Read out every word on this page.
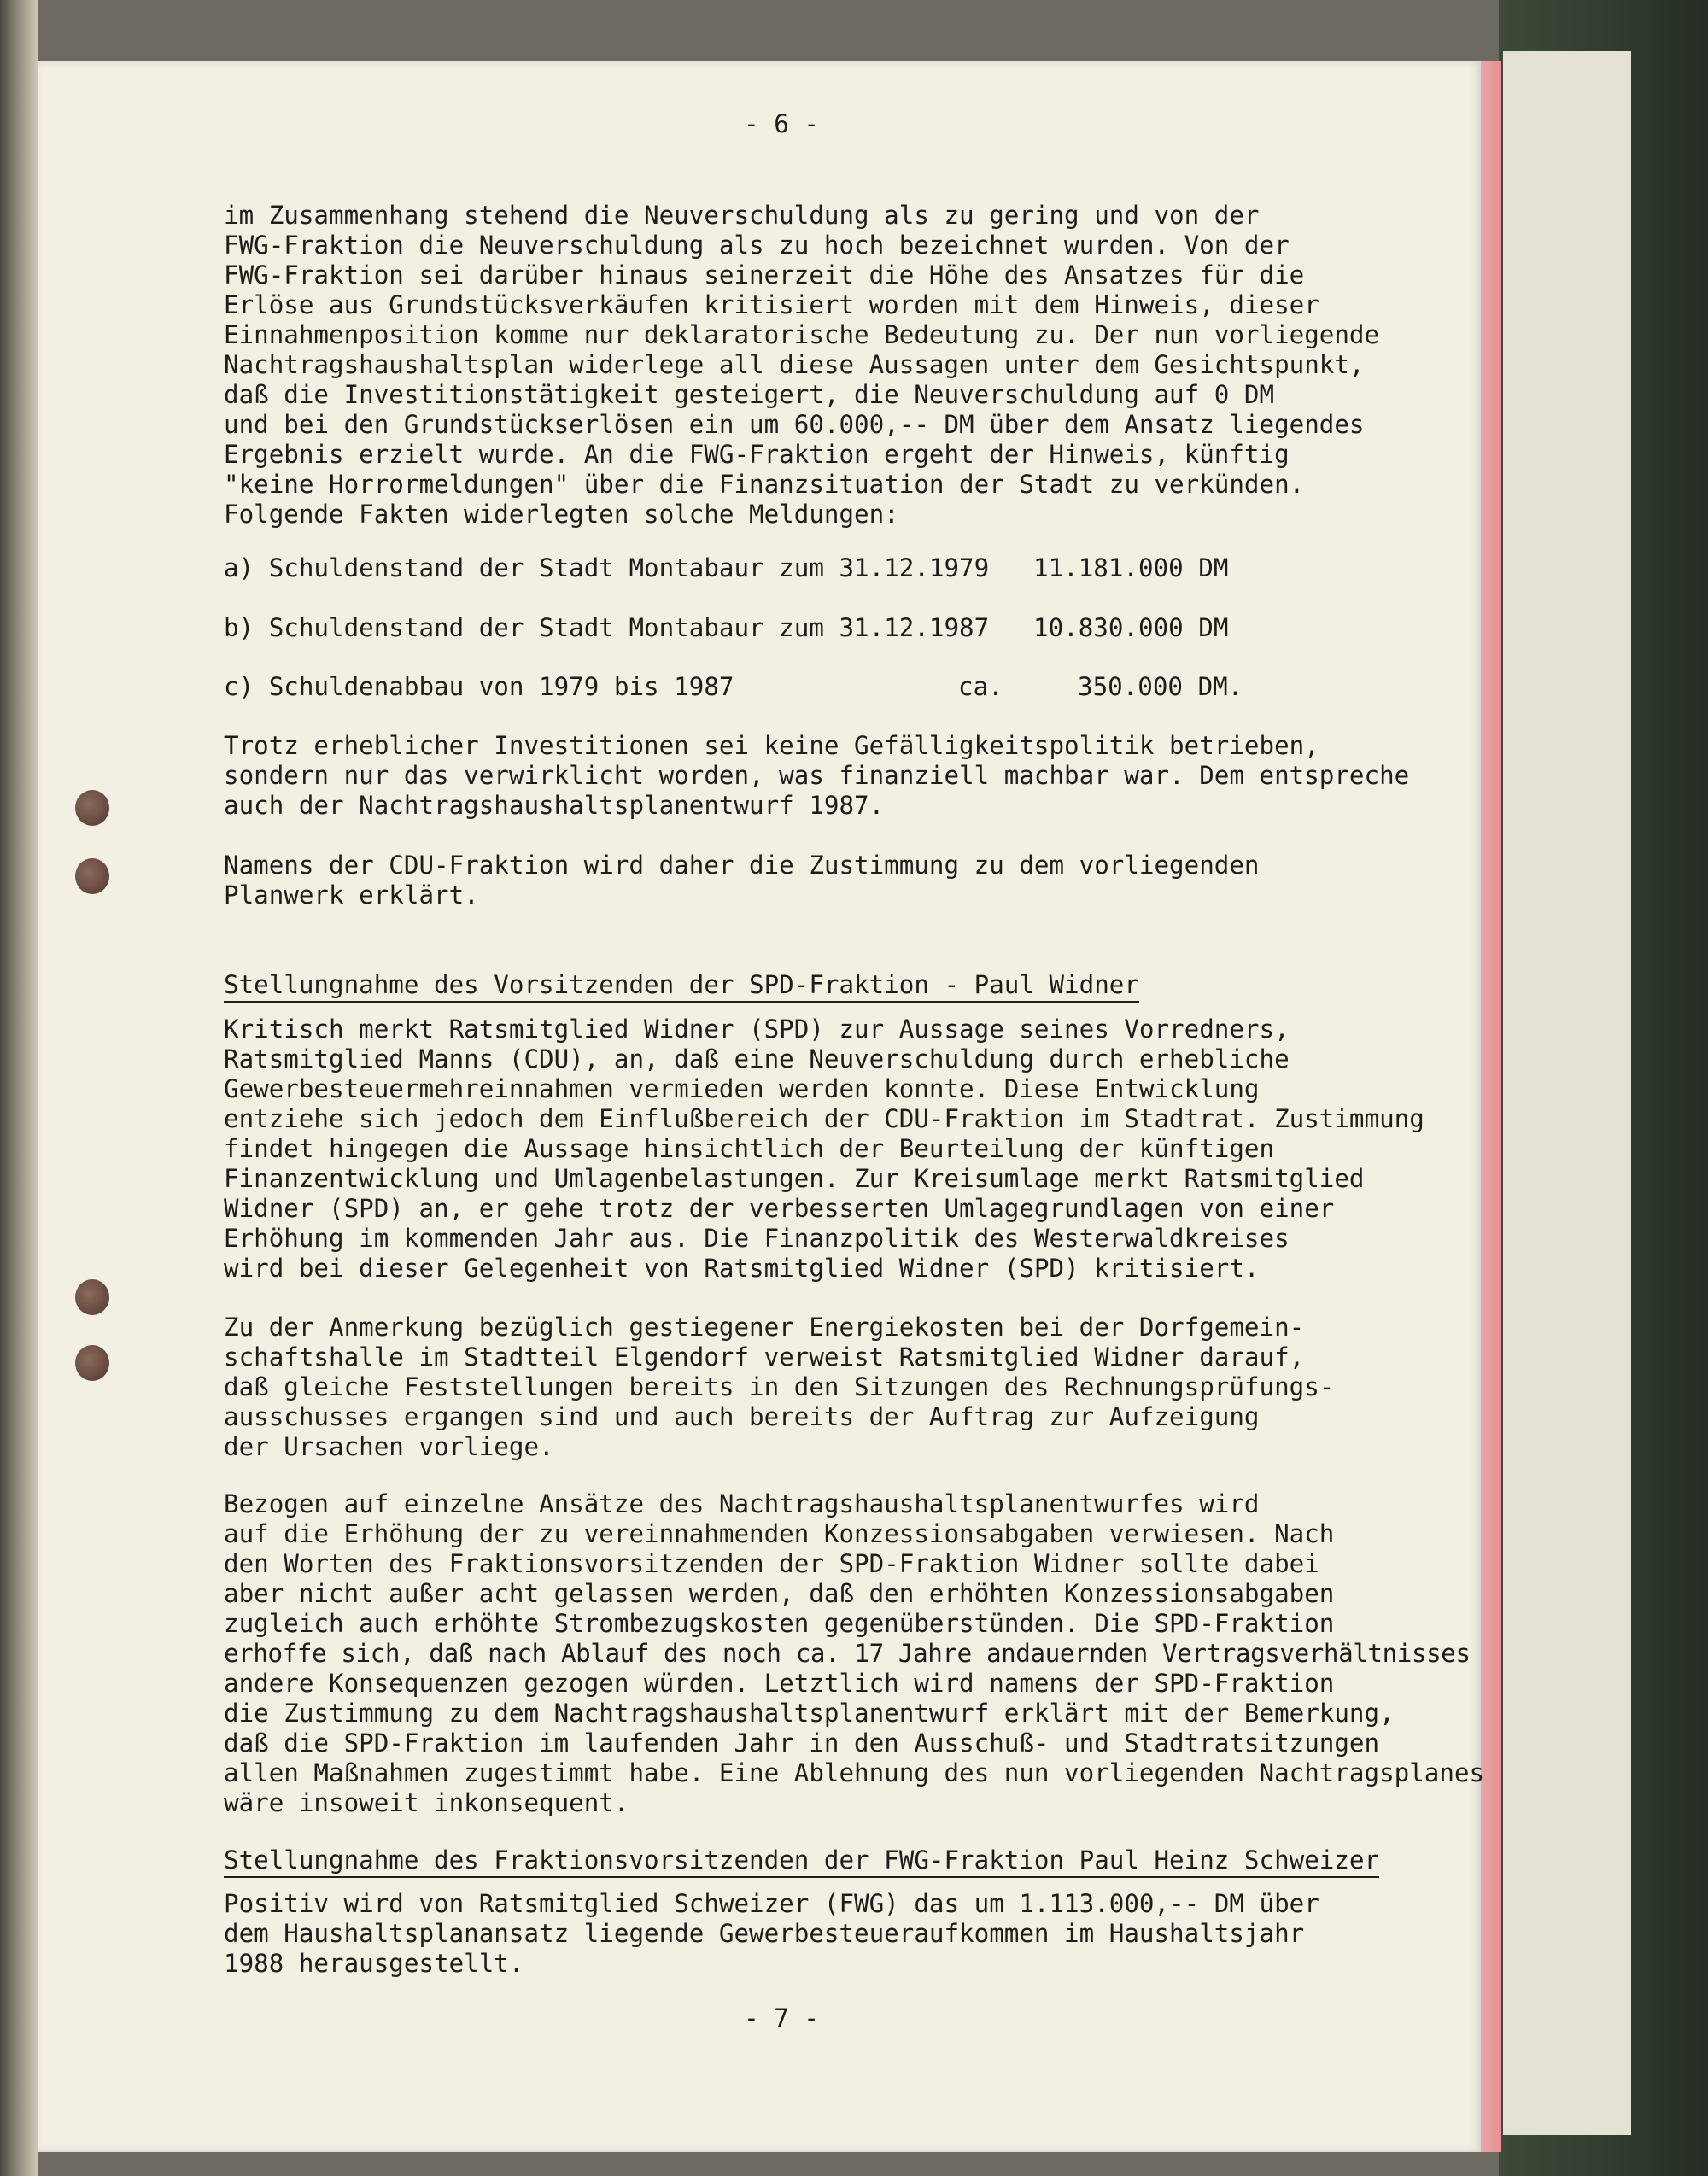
- 6 -

im Zusammenhang stehend die Neuverschuldung als zu gering und von der

FWG-Fraktion die Neuverschuldung als zu hoch bezeichnet wurden. Von der

FWG-Fraktion sei darüber hinaus seinerzeit die Höhe des Ansatzes für die

Erlöse aus Grundstücksverkäufen kritisiert worden mit dem Hinweis, dieser

Einnahmenposition komme nur deklaratorische Bedeutung zu. Der nun vorliegende

Nachtragshaushaltsplan widerlege all diese Aussagen unter dem Gesichtspunkt,

daß die Investitionstätigkeit gesteigert, die Neuverschuldung auf 0 DM

und bei den Grundstückserlösen ein um 60.000,-- DM über dem Ansatz liegendes

Ergebnis erzielt wurde. An die FWG-Fraktion ergeht der Hinweis, künftig

"keine Horrormeldungen" über die Finanzsituation der Stadt zu verkünden.

Folgende Fakten widerlegten solche Meldungen:

a) Schuldenstand der Stadt Montabaur zum 31.12.1979 11.181.000 DM

b) Schuldenstand der Stadt Montabaur zum 31.12.1987 10.830.000 DM

c) Schuldenabbau von 1979 bis 1987	ca.	350.000 DM.

Trotz erheblicher Investitionen sei keine Gefälligkeitspolitik betrieben,

sondern nur das verwirklicht worden, was finanziell machbar war. Dem entspreche

auch der Nachtragshaushaltsplanentwurf 1987.

Namens der CDU-Fraktion wird daher die Zustimmung zu dem vorliegenden

Planwerk erklärt.

Stellungnahme des Vorsitzenden der SPD-Fraktion - Paul Widner

Kritisch merkt Ratsmitglied Widner (SPD) zur Aussage seines Vorredners,

Ratsmitglied Manns (CDU), an, daß eine Neuverschuldung durch erhebliche

Gewerbesteuermehreinnahmen vermieden werden konnte. Diese Entwicklung

entziehe sich jedoch dem Einflußbereich der CDU-Fraktion im Stadtrat. Zustimmung

findet hingegen die Aussage hinsichtlich der Beurteilung der künftigen

Finanzentwicklung und Umlagenbelastungen. Zur Kreisumlage merkt Ratsmitglied

Widner (SPD) an, er gehe trotz der verbesserten Umlagegrundlagen von einer

Erhöhung im kommenden Jahr aus. Die Finanzpolitik des Westerwaldkreises

wird bei dieser Gelegenheit von Ratsmitglied Widner (SPD) kritisiert.

Zu der Anmerkung bezüglich gestiegener Energiekosten bei der Dorfgemein-

schaftshalle im Stadtteil Elgendorf verweist Ratsmitglied Widner darauf,

daß gleiche Feststellungen bereits in den Sitzungen des Rechnungsprüfungs-

ausschusses ergangen sind und auch bereits der Auftrag zur Aufzeigung

der Ursachen vorliege.

Bezogen auf einzelne Ansätze des Nachtragshaushaltsplanentwurfes wird

auf die Erhöhung der zu vereinnahmenden Konzessionsabgaben verwiesen. Nach

den Worten des Fraktionsvorsitzenden der SPD-Fraktion Widner sollte dabei

aber nicht außer acht gelassen werden, daß den erhöhten Konzessionsabgaben

zugleich auch erhöhte Strombezugskosten gegenüberstünden. Die SPD-Fraktion

erhoffe sich, daß nach Ablauf des noch ca. 17 Jahre andauernden Vertragsverhältnisses

andere Konsequenzen gezogen würden. Letztlich wird namens der SPD-Fraktion

die Zustimmung zu dem Nachtragshaushaltsplanentwurf erklärt mit der Bemerkung,

daß die SPD-Fraktion im laufenden Jahr in den Ausschuß- und Stadtratsitzungen

allen Maßnahmen zugestimmt habe. Eine Ablehnung des nun vorliegenden Nachtragsplanes

wäre insoweit inkonsequent.

Stellungnahme des Fraktionsvorsitzenden der FWG-Fraktion Paul Heinz Schweizer

Positiv wird von Ratsmitglied Schweizer (FWG) das um 1.113.000,-- DM über

dem Haushaltsplanansatz liegende Gewerbesteueraufkommen im Haushaltsjahr

1988 herausgestellt.

- 7 -
